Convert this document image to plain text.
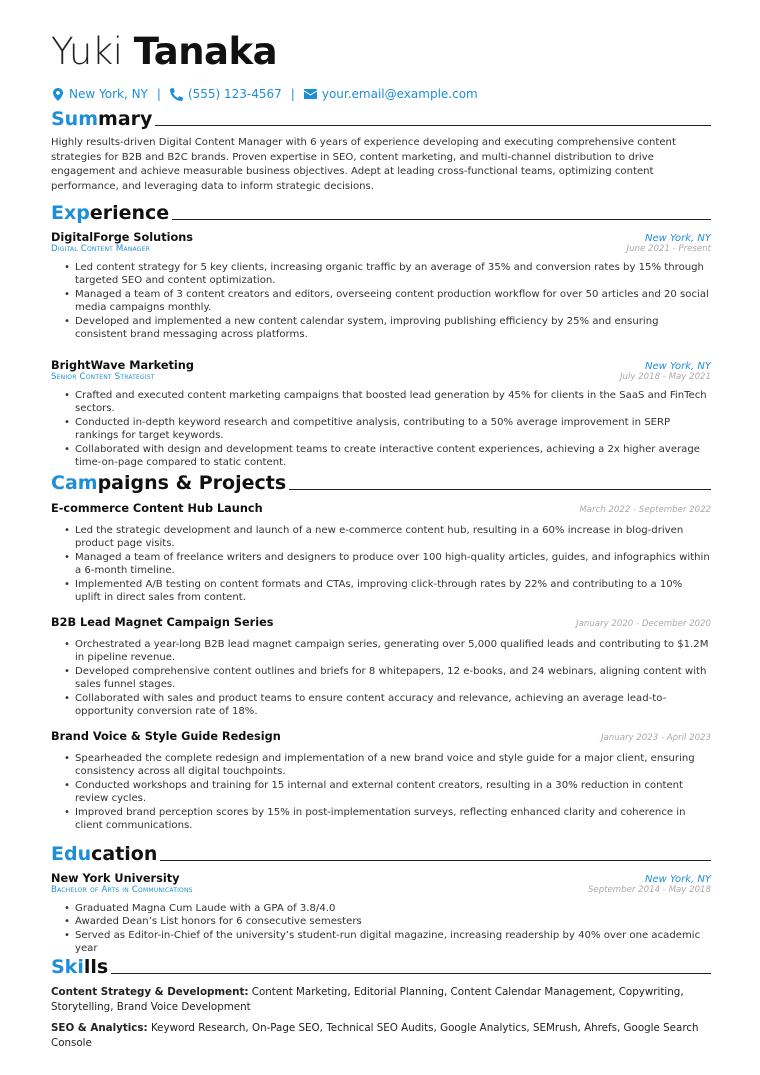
Yuki Tanaka
New York, NY | (555) 123-4567 | your.email@example.com
Summary
Highly results-driven Digital Content Manager with 6 years of experience developing and executing comprehensive content strategies for B2B and B2C brands. Proven expertise in SEO, content marketing, and multi-channel distribution to drive engagement and achieve measurable business objectives. Adept at leading cross-functional teams, optimizing content performance, and leveraging data to inform strategic decisions.
Experience
DigitalForge Solutions	New York, NY
Digital Content Manager	June 2021 - Present
• Led content strategy for 5 key clients, increasing organic traffic by an average of 35% and conversion rates by 15% through targeted SEO and content optimization.
• Managed a team of 3 content creators and editors, overseeing content production workflow for over 50 articles and 20 social media campaigns monthly.
• Developed and implemented a new content calendar system, improving publishing efficiency by 25% and ensuring consistent brand messaging across platforms.
BrightWave Marketing	New York, NY
Senior Content Strategist	July 2018 - May 2021
• Crafted and executed content marketing campaigns that boosted lead generation by 45% for clients in the SaaS and FinTech sectors.
• Conducted in-depth keyword research and competitive analysis, contributing to a 50% average improvement in SERP rankings for target keywords.
• Collaborated with design and development teams to create interactive content experiences, achieving a 2x higher average time-on-page compared to static content.
Campaigns & Projects
E-commerce Content Hub Launch	March 2022 - September 2022
• Led the strategic development and launch of a new e-commerce content hub, resulting in a 60% increase in blog-driven product page visits.
• Managed a team of freelance writers and designers to produce over 100 high-quality articles, guides, and infographics within a 6-month timeline.
• Implemented A/B testing on content formats and CTAs, improving click-through rates by 22% and contributing to a 10% uplift in direct sales from content.
B2B Lead Magnet Campaign Series	January 2020 - December 2020
• Orchestrated a year-long B2B lead magnet campaign series, generating over 5,000 qualified leads and contributing to $1.2M in pipeline revenue.
• Developed comprehensive content outlines and briefs for 8 whitepapers, 12 e-books, and 24 webinars, aligning content with sales funnel stages.
• Collaborated with sales and product teams to ensure content accuracy and relevance, achieving an average lead-to-opportunity conversion rate of 18%.
Brand Voice & Style Guide Redesign	January 2023 - April 2023
• Spearheaded the complete redesign and implementation of a new brand voice and style guide for a major client, ensuring consistency across all digital touchpoints.
• Conducted workshops and training for 15 internal and external content creators, resulting in a 30% reduction in content review cycles.
• Improved brand perception scores by 15% in post-implementation surveys, reflecting enhanced clarity and coherence in client communications.
Education
New York University	New York, NY
Bachelor of Arts in Communications	September 2014 - May 2018
• Graduated Magna Cum Laude with a GPA of 3.8/4.0
• Awarded Dean’s List honors for 6 consecutive semesters
• Served as Editor-in-Chief of the university’s student-run digital magazine, increasing readership by 40% over one academic year
Skills

Content Strategy & Development: Content Marketing, Editorial Planning, Content Calendar Management, Copywriting, Storytelling, Brand Voice Development

SEO & Analytics: Keyword Research, On-Page SEO, Technical SEO Audits, Google Analytics, SEMrush, Ahrefs, Google Search Console
